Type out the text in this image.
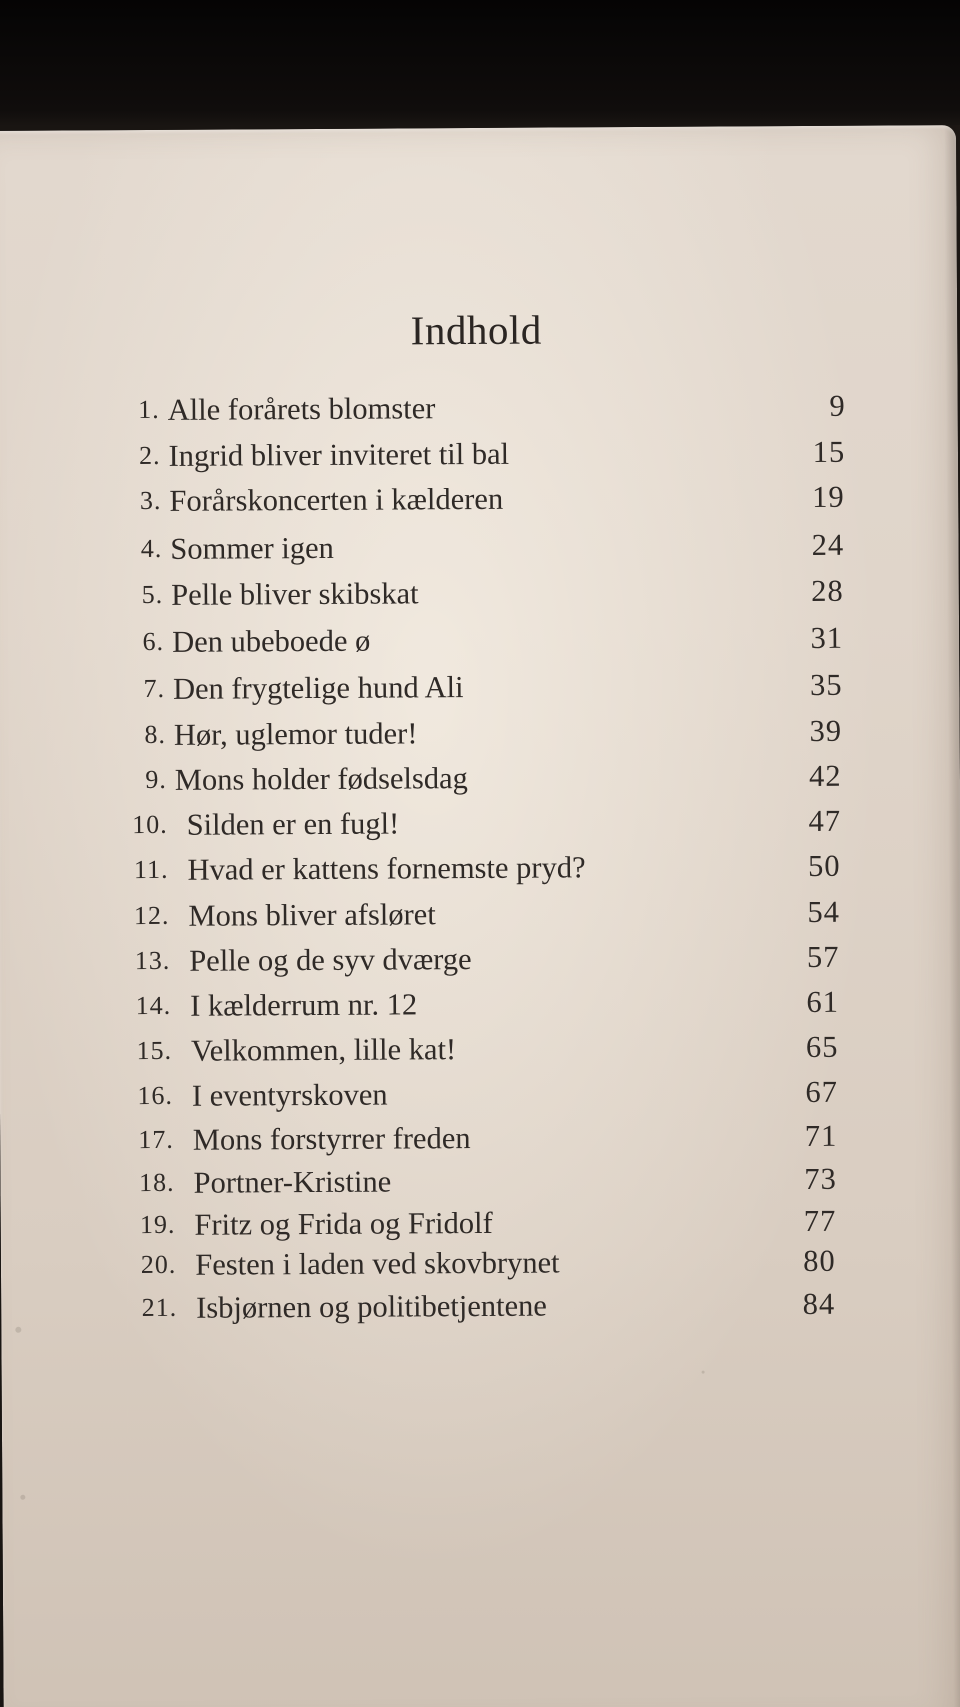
Indhold
1. Alle forårets blomster	9
2. Ingrid bliver inviteret til bal	15
3. Forårskoncerten i kælderen	19
4. Sommer igen	24
5. Pelle bliver skibskat	28
6. Den ubeboede ø	31
7. Den frygtelige hund Ali	35
8. Hør, uglemor tuder!	39
9. Mons holder fødselsdag	42
10. Silden er en fugl!	47
11. Hvad er kattens fornemste pryd?	50
12. Mons bliver afsløret	54
13. Pelle og de syv dværge	57
14. I kælderrum nr. 12	61
15. Velkommen, lille kat!	65
16. I eventyrskoven	67
17. Mons forstyrrer freden	71
18. Portner-Kristine	73
19. Fritz og Frida og Fridolf	77
20. Festen i laden ved skovbrynet	80
21. Isbjørnen og politibetjentene	84
